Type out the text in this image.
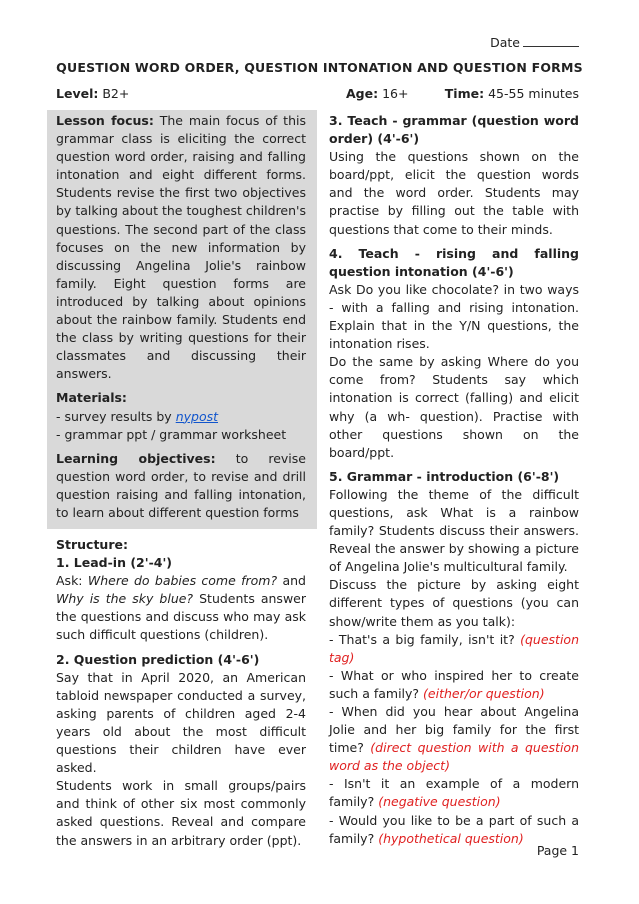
Date
QUESTION WORD ORDER, QUESTION INTONATION AND QUESTION FORMS
Level: B2+	Age: 16+	Time: 45-55 minutes

Lesson focus: The main focus of this grammar class is eliciting the correct question word order, raising and falling intonation and eight different forms. Students revise the first two objectives by talking about the toughest children's questions. The second part of the class focuses on the new information by discussing Angelina Jolie's rainbow family. Eight question forms are introduced by talking about opinions about the rainbow family. Students end the class by writing questions for their classmates and discussing their answers.

Materials:

- survey results by nypost

- grammar ppt / grammar worksheet

Learning objectives: to revise question word order, to revise and drill question raising and falling intonation, to learn about different question forms

Structure:

1. Lead-in (2'-4')

Ask: Where do babies come from? and Why is the sky blue? Students answer the questions and discuss who may ask such difficult questions (children).

2. Question prediction (4'-6')

Say that in April 2020, an American tabloid newspaper conducted a survey, asking parents of children aged 2-4 years old about the most difficult questions their children have ever asked.

Students work in small groups/pairs and think of other six most commonly asked questions. Reveal and compare the answers in an arbitrary order (ppt).

3. Teach - grammar (question word order) (4'-6')

Using the questions shown on the board/ppt, elicit the question words and the word order. Students may practise by filling out the table with questions that come to their minds.

4. Teach - rising and falling question intonation (4'-6')

Ask Do you like chocolate? in two ways - with a falling and rising intonation. Explain that in the Y/N questions, the intonation rises.

Do the same by asking Where do you come from? Students say which intonation is correct (falling) and elicit why (a wh- question). Practise with other questions shown on the board/ppt.

5. Grammar - introduction (6'-8')

Following the theme of the difficult questions, ask What is a rainbow family? Students discuss their answers. Reveal the answer by showing a picture of Angelina Jolie's multicultural family.

Discuss the picture by asking eight different types of questions (you can show/write them as you talk):

- That's a big family, isn't it? (question tag)

- What or who inspired her to create such a family? (either/or question)

- When did you hear about Angelina Jolie and her big family for the first time? (direct question with a question word as the object)

- Isn't it an example of a modern family? (negative question)

- Would you like to be a part of such a family? (hypothetical question)

Page 1
